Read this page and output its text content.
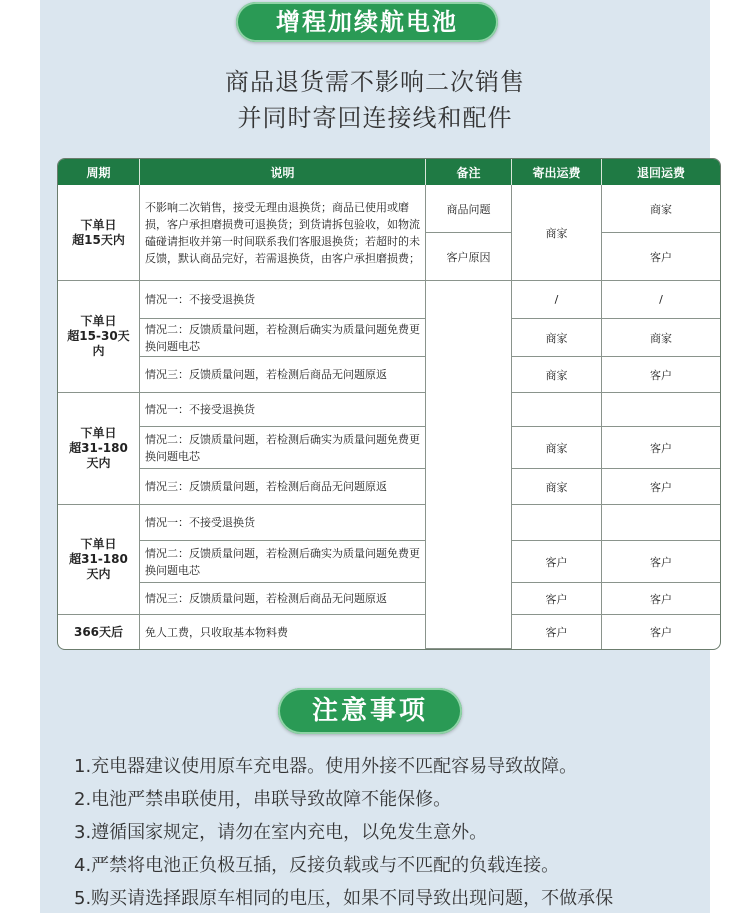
增程加续航电池
商品退货需不影响二次销售
并同时寄回连接线和配件
周期	说明	备注	寄出运费	退回运费

下单日
超15天内	不影响二次销售，接受无理由退换货；商品已使用或磨损，客户承担磨损费可退换货；到货请拆包验收，如物流磕碰请拒收并第一时间联系我们客服退换货；若超时的未反馈，默认商品完好，若需退换货，由客户承担磨损费；	商品问题	商家	商家
		客户原因		客户

下单日
超15-30天内	情况一：不接受退换货		/	/
	情况二：反馈质量问题，若检测后确实为质量问题免费更换问题电芯		商家	商家
	情况三：反馈质量问题，若检测后商品无问题原返		商家	客户

下单日
超31-180
天内	情况一：不接受退换货			
	情况二：反馈质量问题，若检测后确实为质量问题免费更换问题电芯		商家	客户
	情况三：反馈质量问题，若检测后商品无问题原返		商家	客户

下单日
超31-180
天内	情况一：不接受退换货			
	情况二：反馈质量问题，若检测后确实为质量问题免费更换问题电芯		客户	客户
	情况三：反馈质量问题，若检测后商品无问题原返		客户	客户
366天后	免人工费，只收取基本物料费		客户	客户
注意事项
1.充电器建议使用原车充电器。使用外接不匹配容易导致故障。
2.电池严禁串联使用，串联导致故障不能保修。
3.遵循国家规定，请勿在室内充电，以免发生意外。
4.严禁将电池正负极互插，反接负载或与不匹配的负载连接。
5.购买请选择跟原车相同的电压，如果不同导致出现问题，不做承保
